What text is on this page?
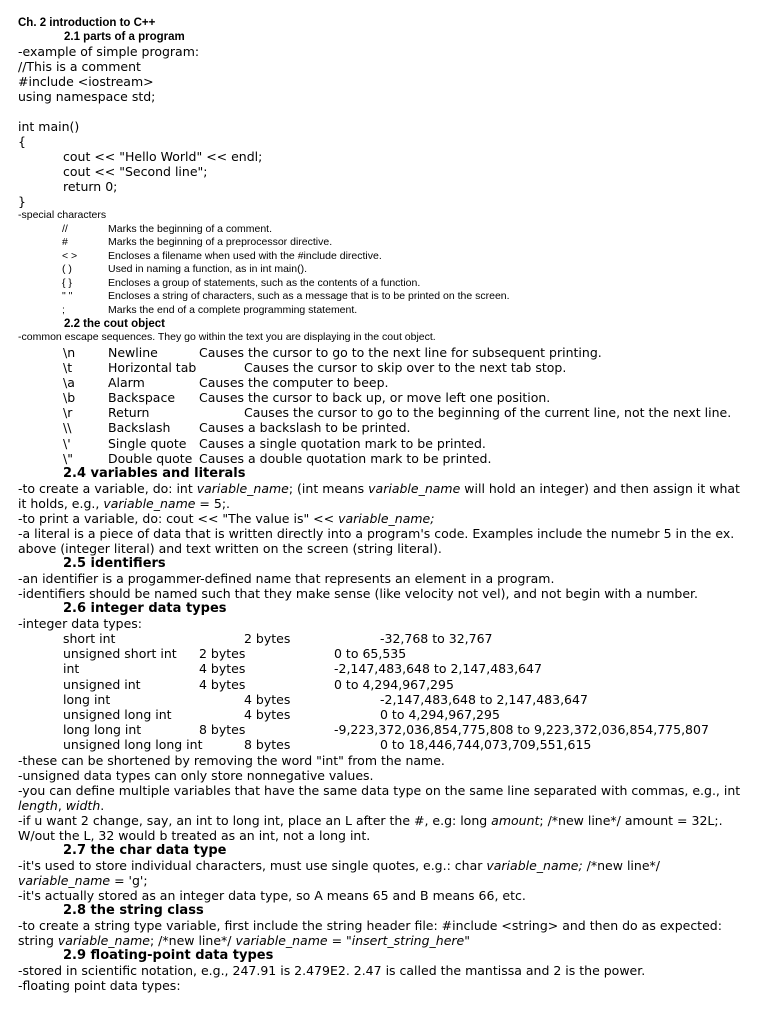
Ch. 2 introduction to C++
2.1 parts of a program
-example of simple program:
//This is a comment
#include <iostream>
using namespace std;
int main()
{
cout << "Hello World" << endl;
cout << "Second line";
return 0;
}
-special characters
//	Marks the beginning of a comment.
#	Marks the beginning of a preprocessor directive.
< >	Encloses a filename when used with the #include directive.
( )	Used in naming a function, as in int main().
{ }	Encloses a group of statements, such as the contents of a function.
" "	Encloses a string of characters, such as a message that is to be printed on the screen.
;	Marks the end of a complete programming statement.
2.2 the cout object
-common escape sequences. They go within the text you are displaying in the cout object.
\n	Newline	Causes the cursor to go to the next line for subsequent printing.
\t	Horizontal tab	Causes the cursor to skip over to the next tab stop.
\a	Alarm	Causes the computer to beep.
\b	Backspace Causes the cursor to back up, or move left one position.
\r	Return	Causes the cursor to go to the beginning of the current line, not the next line.
\\	Backslash Causes a backslash to be printed.
\'	Single quote Causes a single quotation mark to be printed.
\"	Double quote Causes a double quotation mark to be printed.
2.4 variables and literals
-to create a variable, do: int variable_name; (int means variable_name will hold an integer) and then assign it what
it holds, e.g., variable_name = 5;.
-to print a variable, do: cout << "The value is" << variable_name;
-a literal is a piece of data that is written directly into a program's code. Examples include the numebr 5 in the ex.
above (integer literal) and text written on the screen (string literal).
2.5 identifiers
-an identifier is a progammer-defined name that represents an element in a program.
-identifiers should be named such that they make sense (like velocity not vel), and not begin with a number.
2.6 integer data types
-integer data types:
short int	2 bytes	-32,768 to 32,767
unsigned short int 2 bytes	0 to 65,535
int	4 bytes	-2,147,483,648 to 2,147,483,647
unsigned int	4 bytes	0 to 4,294,967,295
long int	4 bytes	-2,147,483,648 to 2,147,483,647
unsigned long int	4 bytes	0 to 4,294,967,295
long long int	8 bytes	-9,223,372,036,854,775,808 to 9,223,372,036,854,775,807
unsigned long long int	8 bytes	0 to 18,446,744,073,709,551,615
-these can be shortened by removing the word "int" from the name.
-unsigned data types can only store nonnegative values.
-you can define multiple variables that have the same data type on the same line separated with commas, e.g., int
length, width.
-if u want 2 change, say, an int to long int, place an L after the #, e.g: long amount; /*new line*/ amount = 32L;.
W/out the L, 32 would b treated as an int, not a long int.
2.7 the char data type
-it's used to store individual characters, must use single quotes, e.g.: char variable_name; /*new line*/
variable_name = 'g';
-it's actually stored as an integer data type, so A means 65 and B means 66, etc.
2.8 the string class
-to create a string type variable, first include the string header file: #include <string> and then do as expected:
string variable_name; /*new line*/ variable_name = "insert_string_here"
2.9 floating-point data types
-stored in scientific notation, e.g., 247.91 is 2.479E2. 2.47 is called the mantissa and 2 is the power.
-floating point data types:
